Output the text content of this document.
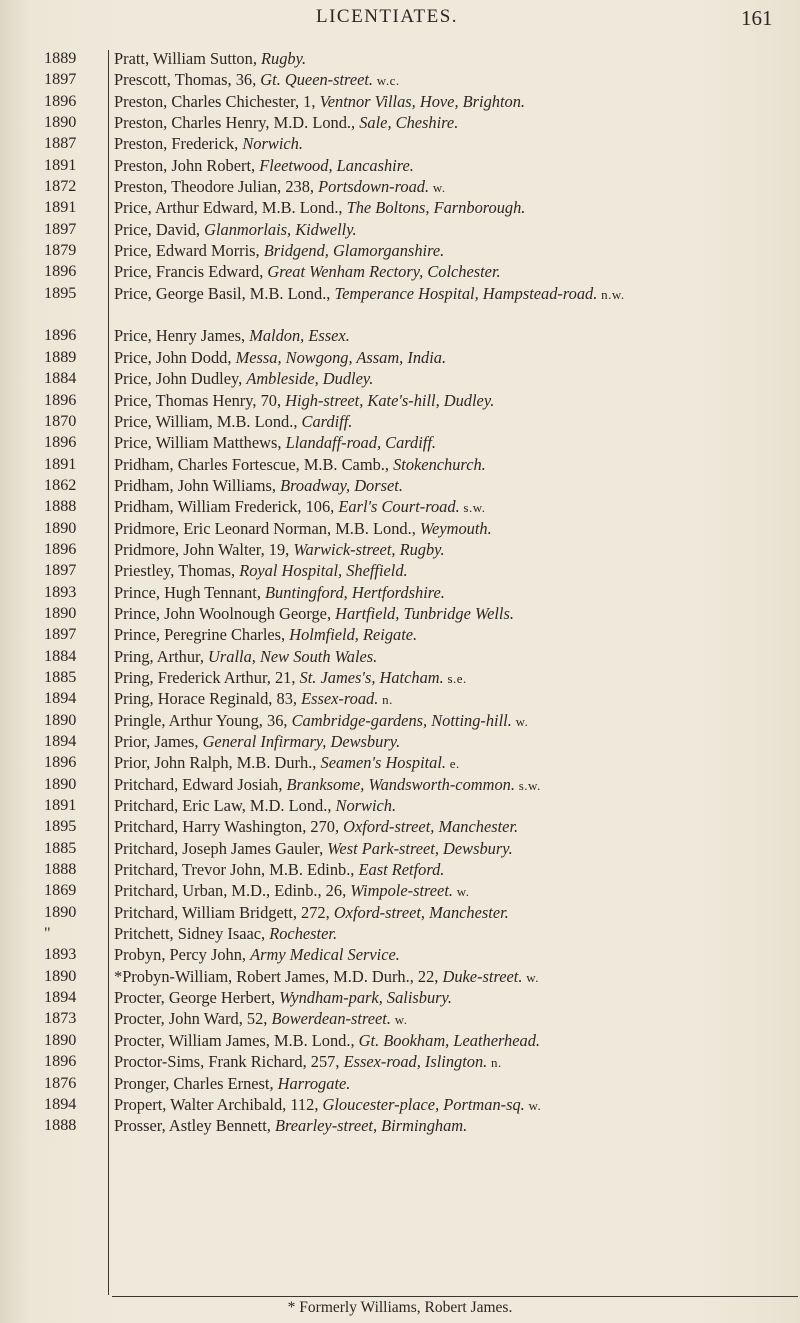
LICENTIATES.	161
1889	Pratt, William Sutton, Rugby.
1897	Prescott, Thomas, 36, Gt. Queen-street. w.c.
1896	Preston, Charles Chichester, 1, Ventnor Villas, Hove, Brighton.
1890	Preston, Charles Henry, M.D. Lond., Sale, Cheshire.
1887	Preston, Frederick, Norwich.
1891	Preston, John Robert, Fleetwood, Lancashire.
1872	Preston, Theodore Julian, 238, Portsdown-road. w.
1891	Price, Arthur Edward, M.B. Lond., The Boltons, Farnborough.
1897	Price, David, Glanmorlais, Kidwelly.
1879	Price, Edward Morris, Bridgend, Glamorganshire.
1896	Price, Francis Edward, Great Wenham Rectory, Colchester.
1895	Price, George Basil, M.B. Lond., Temperance Hospital, Hampstead-road. n.w.
1896	Price, Henry James, Maldon, Essex.
1889	Price, John Dodd, Messa, Nowgong, Assam, India.
1884	Price, John Dudley, Ambleside, Dudley.
1896	Price, Thomas Henry, 70, High-street, Kate's-hill, Dudley.
1870	Price, William, M.B. Lond., Cardiff.
1896	Price, William Matthews, Llandaff-road, Cardiff.
1891	Pridham, Charles Fortescue, M.B. Camb., Stokenchurch.
1862	Pridham, John Williams, Broadway, Dorset.
1888	Pridham, William Frederick, 106, Earl's Court-road. s.w.
1890	Pridmore, Eric Leonard Norman, M.B. Lond., Weymouth.
1896	Pridmore, John Walter, 19, Warwick-street, Rugby.
1897	Priestley, Thomas, Royal Hospital, Sheffield.
1893	Prince, Hugh Tennant, Buntingford, Hertfordshire.
1890	Prince, John Woolnough George, Hartfield, Tunbridge Wells.
1897	Prince, Peregrine Charles, Holmfield, Reigate.
1884	Pring, Arthur, Uralla, New South Wales.
1885	Pring, Frederick Arthur, 21, St. James's, Hatcham. s.e.
1894	Pring, Horace Reginald, 83, Essex-road. n.
1890	Pringle, Arthur Young, 36, Cambridge-gardens, Notting-hill. w.
1894	Prior, James, General Infirmary, Dewsbury.
1896	Prior, John Ralph, M.B. Durh., Seamen's Hospital. e.
1890	Pritchard, Edward Josiah, Branksome, Wandsworth-common. s.w.
1891	Pritchard, Eric Law, M.D. Lond., Norwich.
1895	Pritchard, Harry Washington, 270, Oxford-street, Manchester.
1885	Pritchard, Joseph James Gauler, West Park-street, Dewsbury.
1888	Pritchard, Trevor John, M.B. Edinb., East Retford.
1869	Pritchard, Urban, M.D., Edinb., 26, Wimpole-street. w.
1890	Pritchard, William Bridgett, 272, Oxford-street, Manchester.
"	Pritchett, Sidney Isaac, Rochester.
1893	Probyn, Percy John, Army Medical Service.
1890	*Probyn-William, Robert James, M.D. Durh., 22, Duke-street. w.
1894	Procter, George Herbert, Wyndham-park, Salisbury.
1873	Procter, John Ward, 52, Bowerdean-street. w.
1890	Procter, William James, M.B. Lond., Gt. Bookham, Leatherhead.
1896	Proctor-Sims, Frank Richard, 257, Essex-road, Islington. n.
1876	Pronger, Charles Ernest, Harrogate.
1894	Propert, Walter Archibald, 112, Gloucester-place, Portman-sq. w.
1888	Prosser, Astley Bennett, Brearley-street, Birmingham.
* Formerly Williams, Robert James.
